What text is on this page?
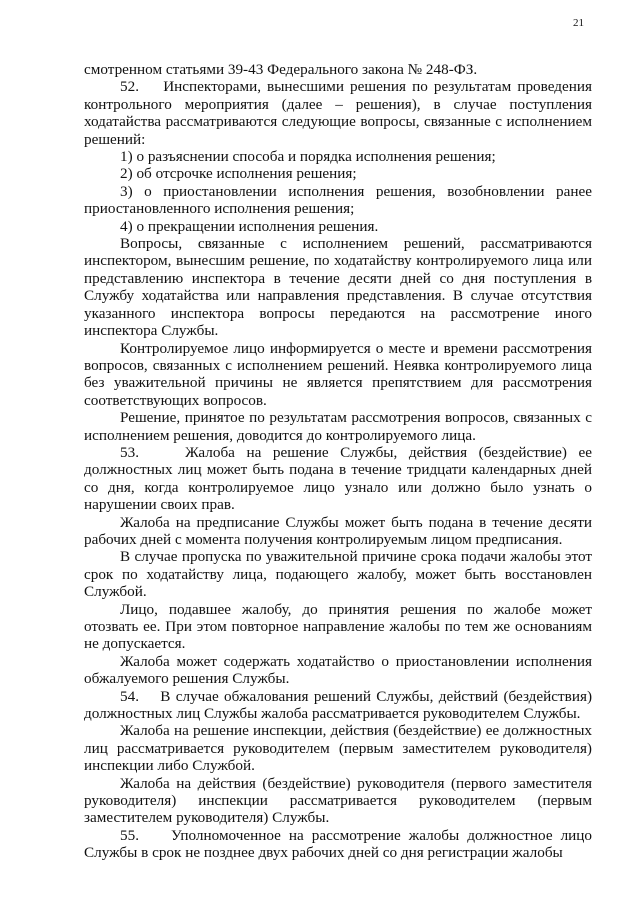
21

смотренном статьями 39-43 Федерального закона № 248-ФЗ.

52.    Инспекторами, вынесшими решения по результатам проведения контрольного мероприятия (далее – решения), в случае поступления ходатайства рассматриваются следующие вопросы, связанные с исполнением решений:

1) о разъяснении способа и порядка исполнения решения;

2) об отсрочке исполнения решения;

3) о приостановлении исполнения решения, возобновлении ранее приостановленного исполнения решения;

4) о прекращении исполнения решения.

Вопросы, связанные с исполнением решений, рассматриваются инспектором, вынесшим решение, по ходатайству контролируемого лица или представлению инспектора в течение десяти дней со дня поступления в Службу ходатайства или направления представления. В случае отсутствия указанного инспектора вопросы передаются на рассмотрение иного инспектора Службы.

Контролируемое лицо информируется о месте и времени рассмотрения вопросов, связанных с исполнением решений. Неявка контролируемого лица без уважительной причины не является препятствием для рассмотрения соответствующих вопросов.

Решение, принятое по результатам рассмотрения вопросов, связанных с исполнением решения, доводится до контролируемого лица.

53.    Жалоба на решение Службы, действия (бездействие) ее должностных лиц может быть подана в течение тридцати календарных дней со дня, когда контролируемое лицо узнало или должно было узнать о нарушении своих прав.

Жалоба на предписание Службы может быть подана в течение десяти рабочих дней с момента получения контролируемым лицом предписания.

В случае пропуска по уважительной причине срока подачи жалобы этот срок по ходатайству лица, подающего жалобу, может быть восстановлен Службой.

Лицо, подавшее жалобу, до принятия решения по жалобе может отозвать ее. При этом повторное направление жалобы по тем же основаниям не допускается.

Жалоба может содержать ходатайство о приостановлении исполнения обжалуемого решения Службы.

54.    В случае обжалования решений Службы, действий (бездействия) должностных лиц Службы жалоба рассматривается руководителем Службы.

Жалоба на решение инспекции, действия (бездействие) ее должностных лиц рассматривается руководителем (первым заместителем руководителя) инспекции либо Службой.

Жалоба на действия (бездействие) руководителя (первого заместителя руководителя) инспекции рассматривается руководителем (первым заместителем руководителя) Службы.

55.    Уполномоченное на рассмотрение жалобы должностное лицо Службы в срок не позднее двух рабочих дней со дня регистрации жалобы
